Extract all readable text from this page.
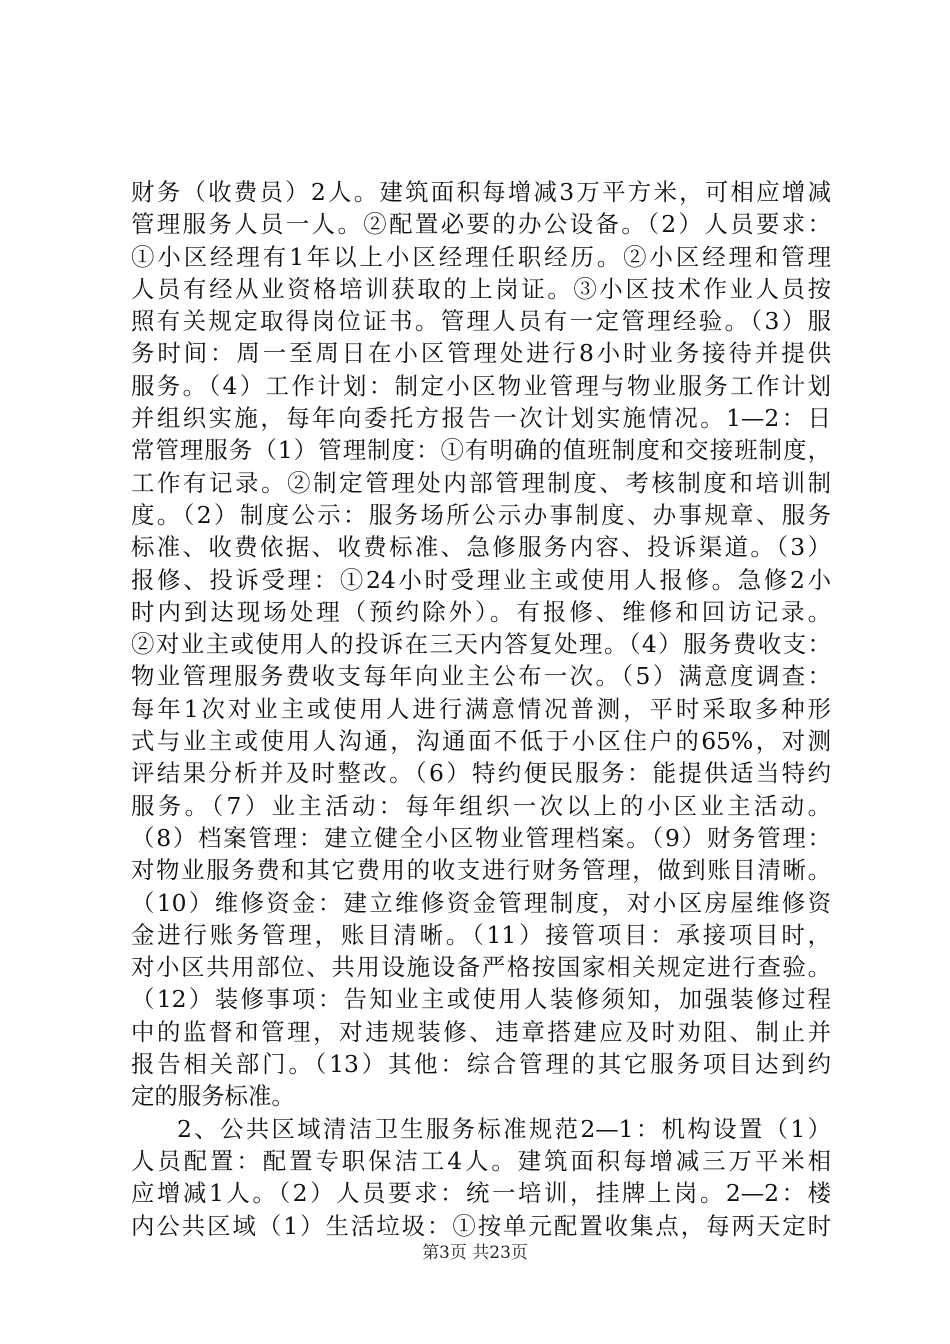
财务（收费员）2人。建筑面积每增减3万平方米，可相应增减
管理服务人员一人。②配置必要的办公设备。（2）人员要求：
①小区经理有1年以上小区经理任职经历。②小区经理和管理
人员有经从业资格培训获取的上岗证。③小区技术作业人员按
照有关规定取得岗位证书。管理人员有一定管理经验。（3）服
务时间：周一至周日在小区管理处进行8小时业务接待并提供
服务。（4）工作计划：制定小区物业管理与物业服务工作计划
并组织实施，每年向委托方报告一次计划实施情况。1—2：日
常管理服务（1）管理制度：①有明确的值班制度和交接班制度，
工作有记录。②制定管理处内部管理制度、考核制度和培训制
度。（2）制度公示：服务场所公示办事制度、办事规章、服务
标准、收费依据、收费标准、急修服务内容、投诉渠道。（3）
报修、投诉受理：①24小时受理业主或使用人报修。急修2小
时内到达现场处理（预约除外）。有报修、维修和回访记录。
②对业主或使用人的投诉在三天内答复处理。（4）服务费收支：
物业管理服务费收支每年向业主公布一次。（5）满意度调查：
每年1次对业主或使用人进行满意情况普测，平时采取多种形
式与业主或使用人沟通，沟通面不低于小区住户的65%，对测
评结果分析并及时整改。（6）特约便民服务：能提供适当特约
服务。（7）业主活动：每年组织一次以上的小区业主活动。
（8）档案管理：建立健全小区物业管理档案。（9）财务管理：
对物业服务费和其它费用的收支进行财务管理，做到账目清晰。
（10）维修资金：建立维修资金管理制度，对小区房屋维修资
金进行账务管理，账目清晰。（11）接管项目：承接项目时，
对小区共用部位、共用设施设备严格按国家相关规定进行查验。
（12）装修事项：告知业主或使用人装修须知，加强装修过程
中的监督和管理，对违规装修、违章搭建应及时劝阻、制止并
报告相关部门。（13）其他：综合管理的其它服务项目达到约
定的服务标准。
2、公共区域清洁卫生服务标准规范2—1：机构设置（1）
人员配置：配置专职保洁工4人。建筑面积每增减三万平米相
应增减1人。（2）人员要求：统一培训，挂牌上岗。2—2：楼
内公共区域（1）生活垃圾：①按单元配置收集点，每两天定时
第3页 共23页
